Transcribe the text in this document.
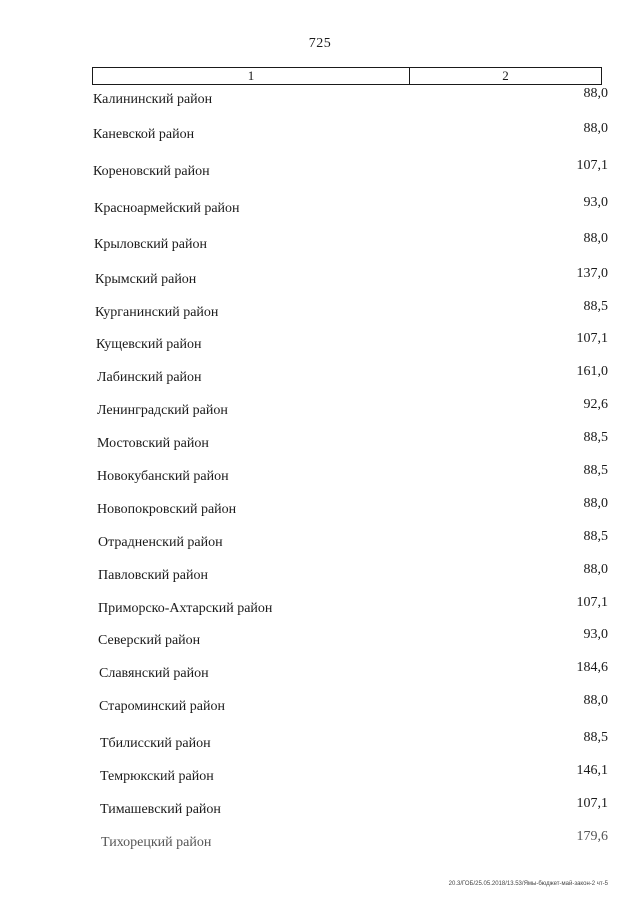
725
1	2
Калининский район	88,0
Каневской район	88,0
Кореновский район	107,1
Красноармейский район	93,0
Крыловский район	88,0
Крымский район	137,0
Курганинский район	88,5
Кущевский район	107,1
Лабинский район	161,0
Ленинградский район	92,6
Мостовский район	88,5
Новокубанский район	88,5
Новопокровский район	88,0
Отрадненский район	88,5
Павловский район	88,0
Приморско-Ахтарский район	107,1
Северский район	93,0
Славянский район	184,6
Староминский район	88,0
Тбилисский район	88,5
Темрюкский район	146,1
Тимашевский район	107,1
Тихорецкий район	179,6
20.3/ГОБ/25.05.2018/13.53/Ямы-бюджет-май-закон-2 чт-5
